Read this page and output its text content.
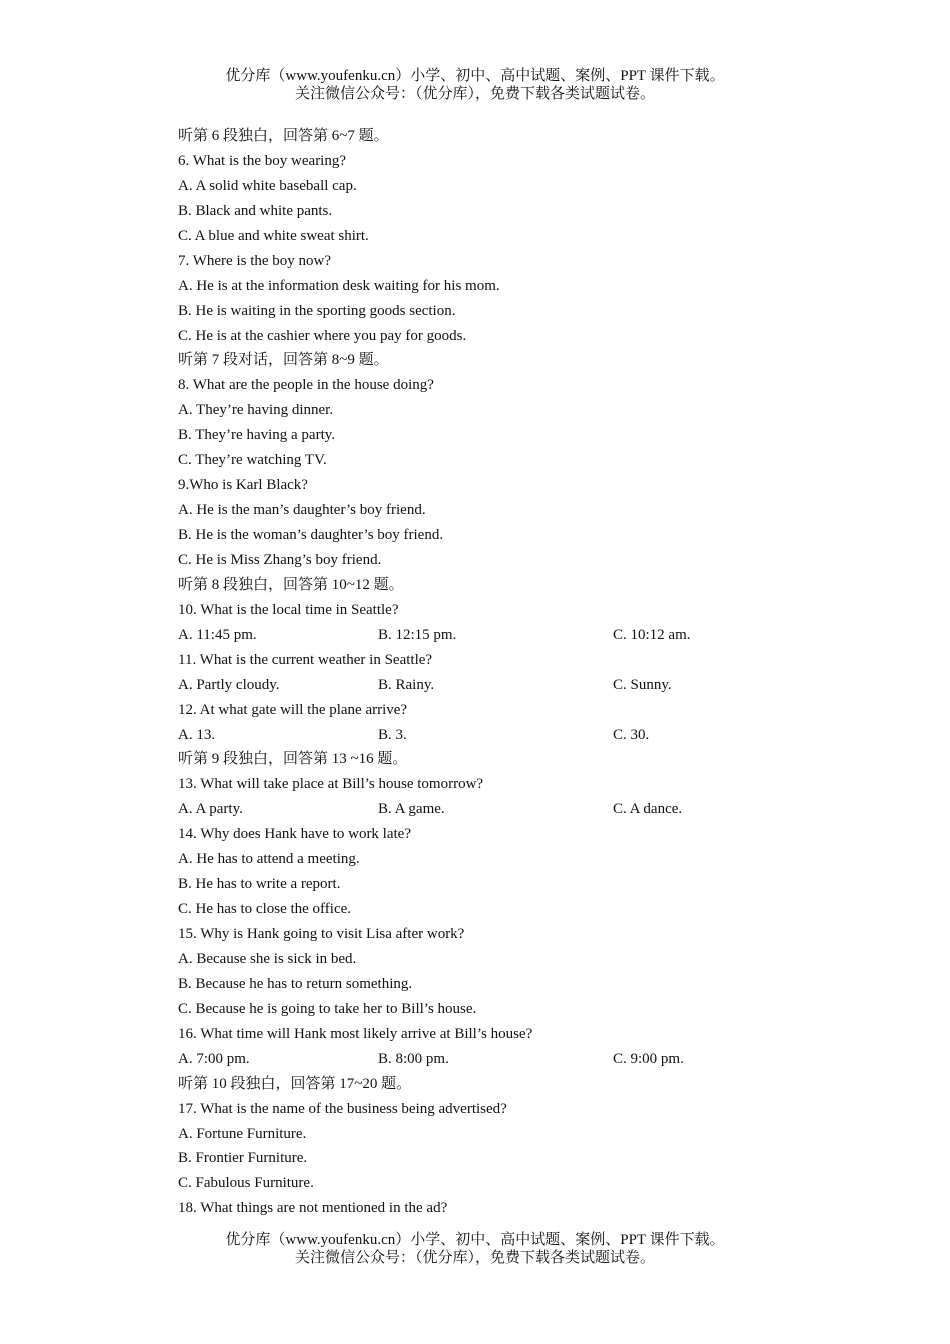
优分库（www.youfenku.cn）小学、初中、高中试题、案例、PPT 课件下载。
关注微信公众号：（优分库），免费下载各类试题试卷。
听第 6 段独白，回答第 6~7 题。
6. What is the boy wearing?
A. A solid white baseball cap.
B. Black and white pants.
C. A blue and white sweat shirt.
7. Where is the boy now?
A. He is at the information desk waiting for his mom.
B. He is waiting in the sporting goods section.
C. He is at the cashier where you pay for goods.
听第 7 段对话，回答第 8~9 题。
8. What are the people in the house doing?
A. They’re having dinner.
B. They’re having a party.
C. They’re watching TV.
9.Who is Karl Black?
A. He is the man’s daughter’s boy friend.
B. He is the woman’s daughter’s boy friend.
C. He is Miss Zhang’s boy friend.
听第 8 段独白，回答第 10~12 题。
10. What is the local time in Seattle?
A. 11:45 pm.	B. 12:15 pm.	C. 10:12 am.
11. What is the current weather in Seattle?
A. Partly cloudy.	B. Rainy.	C. Sunny.
12. At what gate will the plane arrive?
A. 13.	B. 3.	C. 30.
听第 9 段独白，回答第 13 ~16 题。
13. What will take place at Bill’s house tomorrow?
A. A party.	B. A game.	C. A dance.
14. Why does Hank have to work late?
A. He has to attend a meeting.
B. He has to write a report.
C. He has to close the office.
15. Why is Hank going to visit Lisa after work?
A. Because she is sick in bed.
B. Because he has to return something.
C. Because he is going to take her to Bill’s house.
16. What time will Hank most likely arrive at Bill’s house?
A. 7:00 pm.	B. 8:00 pm.	C. 9:00 pm.
听第 10 段独白，回答第 17~20 题。
17. What is the name of the business being advertised?
A. Fortune Furniture.
B. Frontier Furniture.
C. Fabulous Furniture.
18. What things are not mentioned in the ad?
优分库（www.youfenku.cn）小学、初中、高中试题、案例、PPT 课件下载。
关注微信公众号：（优分库），免费下载各类试题试卷。
